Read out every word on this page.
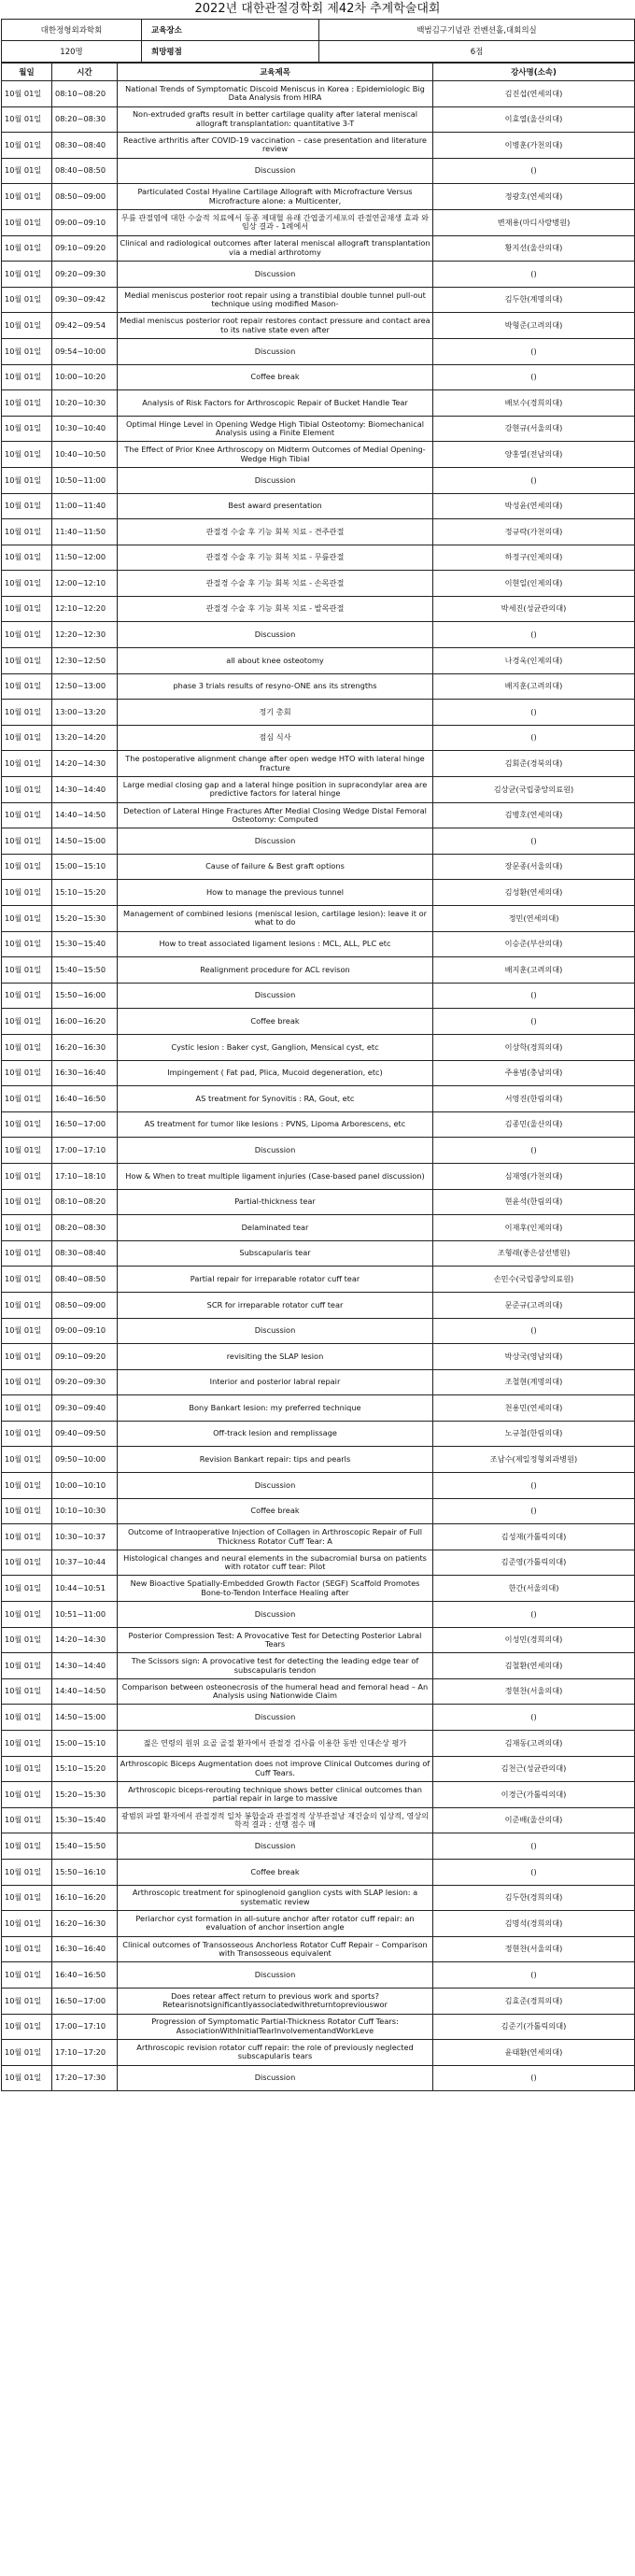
2022년 대한관절경학회 제42차 추계학술대회
대한정형외과학회	교육장소	백범김구기념관 컨벤션홀,대회의실
120명	희망평점	6점
월일	시간	교육제목	강사명(소속)
10월 01일	08:10~08:20	National Trends of Symptomatic Discoid Meniscus in Korea : Epidemiologic Big Data Analysis from HIRA	김진섭(연세의대)
10월 01일	08:20~08:30	Non-extruded grafts result in better cartilage quality after lateral meniscal allograft transplantation: quantitative 3-T	이효열(울산의대)
10월 01일	08:30~08:40	Reactive arthritis after COVID-19 vaccination – case presentation and literature review	이병훈(가천의대)
10월 01일	08:40~08:50	Discussion	()
10월 01일	08:50~09:00	Particulated Costal Hyaline Cartilage Allograft with Microfracture Versus Microfracture alone: a Multicenter,	정광호(연세의대)
10월 01일	09:00~09:10	무릎 관절염에 대한 수술적 치료에서 동종 제대혈 유래 간엽줄기세포의 관절연골재생 효과 와 임상 결과 - 1례에서	변재용(마디사랑병원)
10월 01일	09:10~09:20	Clinical and radiological outcomes after lateral meniscal allograft transplantation via a medial arthrotomy	황지선(울산의대)
10월 01일	09:20~09:30	Discussion	()
10월 01일	09:30~09:42	Medial meniscus posterior root repair using a transtibial double tunnel pull-out technique using modified Mason-	김두한(계명의대)
10월 01일	09:42~09:54	Medial meniscus posterior root repair restores contact pressure and contact area to its native state even after	박형준(고려의대)
10월 01일	09:54~10:00	Discussion	()
10월 01일	10:00~10:20	Coffee break	()
10월 01일	10:20~10:30	Analysis of Risk Factors for Arthroscopic Repair of Bucket Handle Tear	배보수(경희의대)
10월 01일	10:30~10:40	Optimal Hinge Level in Opening Wedge High Tibial Osteotomy: Biomechanical Analysis using a Finite Element	강현규(서울의대)
10월 01일	10:40~10:50	The Effect of Prior Knee Arthroscopy on Midterm Outcomes of Medial Opening-Wedge High Tibial	양홍열(전남의대)
10월 01일	10:50~11:00	Discussion	()
10월 01일	11:00~11:40	Best award presentation	박성윤(연세의대)
10월 01일	11:40~11:50	관절경 수술 후 기능 회복 치료 - 견주관절	정규락(가천의대)
10월 01일	11:50~12:00	관절경 수술 후 기능 회복 치료 - 무릎관절	하정구(인제의대)
10월 01일	12:00~12:10	관절경 수술 후 기능 회복 치료 - 손목관절	이현일(인제의대)
10월 01일	12:10~12:20	관절경 수술 후 기능 회복 치료 - 발목관절	박세진(성균관의대)
10월 01일	12:20~12:30	Discussion	()
10월 01일	12:30~12:50	all about knee osteotomy	나경욱(인제의대)
10월 01일	12:50~13:00	phase 3 trials results of resyno-ONE ans its strengths	배지훈(고려의대)
10월 01일	13:00~13:20	정기 총회	()
10월 01일	13:20~14:20	점심 식사	()
10월 01일	14:20~14:30	The postoperative alignment change after open wedge HTO with lateral hinge fracture	김회준(경북의대)
10월 01일	14:30~14:40	Large medial closing gap and a lateral hinge position in supracondylar area are predictive factors for lateral hinge	김상균(국립중앙의료원)
10월 01일	14:40~14:50	Detection of Lateral Hinge Fractures After Medial Closing Wedge Distal Femoral Osteotomy: Computed	김병호(연세의대)
10월 01일	14:50~15:00	Discussion	()
10월 01일	15:00~15:10	Cause of failure & Best graft options	장문종(서울의대)
10월 01일	15:10~15:20	How to manage the previous tunnel	김성환(연세의대)
10월 01일	15:20~15:30	Management of combined lesions (meniscal lesion, cartilage lesion): leave it or what to do	정민(연세의대)
10월 01일	15:30~15:40	How to treat associated ligament lesions : MCL, ALL, PLC etc	이승준(부산의대)
10월 01일	15:40~15:50	Realignment procedure for ACL revison	배지훈(고려의대)
10월 01일	15:50~16:00	Discussion	()
10월 01일	16:00~16:20	Coffee break	()
10월 01일	16:20~16:30	Cystic lesion : Baker cyst, Ganglion, Mensical cyst, etc	이상학(경희의대)
10월 01일	16:30~16:40	Impingement ( Fat pad, Plica, Mucoid degeneration, etc)	주용범(충남의대)
10월 01일	16:40~16:50	AS treatment for Synovitis : RA, Gout, etc	서영진(한림의대)
10월 01일	16:50~17:00	AS treatment for tumor like lesions : PVNS, Lipoma Arborescens, etc	김종민(울산의대)
10월 01일	17:00~17:10	Discussion	()
10월 01일	17:10~18:10	How & When to treat multiple ligament injuries (Case-based panel discussion)	심재영(가천의대)
10월 01일	08:10~08:20	Partial-thickness tear	현윤석(한림의대)
10월 01일	08:20~08:30	Delaminated tear	이재후(인제의대)
10월 01일	08:30~08:40	Subscapularis tear	조형래(좋은삼선병원)
10월 01일	08:40~08:50	Partial repair for irreparable rotator cuff tear	손민수(국립중앙의료원)
10월 01일	08:50~09:00	SCR for irreparable rotator cuff tear	문준규(고려의대)
10월 01일	09:00~09:10	Discussion	()
10월 01일	09:10~09:20	revisiting the SLAP lesion	박상국(영남의대)
10월 01일	09:20~09:30	Interior and posterior labral repair	조철현(계명의대)
10월 01일	09:30~09:40	Bony Bankart lesion: my preferred technique	천용민(연세의대)
10월 01일	09:40~09:50	Off-track lesion and remplissage	노규철(한림의대)
10월 01일	09:50~10:00	Revision Bankart repair: tips and pearls	조남수(제일정형외과병원)
10월 01일	10:00~10:10	Discussion	()
10월 01일	10:10~10:30	Coffee break	()
10월 01일	10:30~10:37	Outcome of Intraoperative Injection of Collagen in Arthroscopic Repair of Full Thickness Rotator Cuff Tear: A	김성재(가톨릭의대)
10월 01일	10:37~10:44	Histological changes and neural elements in the subacromial bursa on patients with rotator cuff tear: Pilot	김준영(가톨릭의대)
10월 01일	10:44~10:51	New Bioactive Spatially-Embedded Growth Factor (SEGF) Scaffold Promotes Bone-to-Tendon Interface Healing after	한간(서울의대)
10월 01일	10:51~11:00	Discussion	()
10월 01일	14:20~14:30	Posterior Compression Test: A Provocative Test for Detecting Posterior Labral Tears	이성민(경희의대)
10월 01일	14:30~14:40	The Scissors sign: A provocative test for detecting the leading edge tear of subscapularis tendon	김철환(연세의대)
10월 01일	14:40~14:50	Comparison between osteonecrosis of the humeral head and femoral head – An Analysis using Nationwide Claim	정현찬(서울의대)
10월 01일	14:50~15:00	Discussion	()
10월 01일	15:00~15:10	젊은 연령의 원위 요골 골절 환자에서 관절경 검사를 이용한 동반 인대손상 평가	김재동(고려의대)
10월 01일	15:10~15:20	Arthroscopic Biceps Augmentation does not improve Clinical Outcomes during of Cuff Tears.	김천근(성균관의대)
10월 01일	15:20~15:30	Arthroscopic biceps-rerouting technique shows better clinical outcomes than partial repair in large to massive	이경근(가톨릭의대)
10월 01일	15:30~15:40	광범위 파열 환자에서 관절경적 일차 봉합술과 관절경적 상부관절낭 재건술의 임상적, 영상의학적 결과 : 선행 점수 매	이준배(울산의대)
10월 01일	15:40~15:50	Discussion	()
10월 01일	15:50~16:10	Coffee break	()
10월 01일	16:10~16:20	Arthroscopic treatment for spinoglenoid ganglion cysts with SLAP lesion: a systematic review	김두한(경희의대)
10월 01일	16:20~16:30	Periarchor cyst formation in all-suture anchor after rotator cuff repair: an evaluation of anchor insertion angle	김명석(경희의대)
10월 01일	16:30~16:40	Clinical outcomes of Transosseous Anchorless Rotator Cuff Repair – Comparison with Transosseous equivalent	정현찬(서울의대)
10월 01일	16:40~16:50	Discussion	()
10월 01일	16:50~17:00	Does retear affect return to previous work and sports? Retearisnotsignificantlyassociatedwithreturntopreviouswor	김효준(경희의대)
10월 01일	17:00~17:10	Progression of Symptomatic Partial-Thickness Rotator Cuff Tears: AssociationWithInitialTearInvolvementandWorkLeve	김준기(가톨릭의대)
10월 01일	17:10~17:20	Arthroscopic revision rotator cuff repair: the role of previously neglected subscapularis tears	윤태환(연세의대)
10월 01일	17:20~17:30	Discussion	()
